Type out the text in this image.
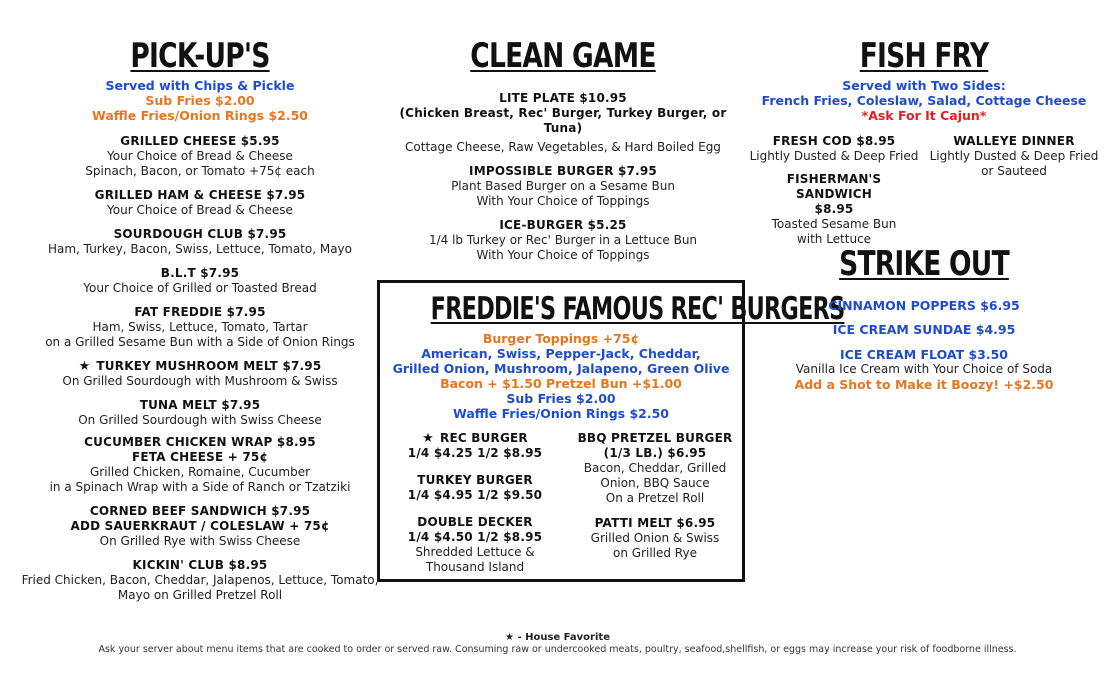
PICK-UP'S
Served with Chips & Pickle
Sub Fries $2.00
Waffle Fries/Onion Rings $2.50
GRILLED CHEESE $5.95
Your Choice of Bread & Cheese
Spinach, Bacon, or Tomato +75¢ each
GRILLED HAM & CHEESE $7.95
Your Choice of Bread & Cheese
SOURDOUGH CLUB $7.95
Ham, Turkey, Bacon, Swiss, Lettuce, Tomato, Mayo
B.L.T $7.95
Your Choice of Grilled or Toasted Bread
FAT FREDDIE $7.95
Ham, Swiss, Lettuce, Tomato, Tartar
on a Grilled Sesame Bun with a Side of Onion Rings
★ TURKEY MUSHROOM MELT $7.95
On Grilled Sourdough with Mushroom & Swiss
TUNA MELT $7.95
On Grilled Sourdough with Swiss Cheese
CUCUMBER CHICKEN WRAP $8.95
FETA CHEESE + 75¢
Grilled Chicken, Romaine, Cucumber
in a Spinach Wrap with a Side of Ranch or Tzatziki
CORNED BEEF SANDWICH $7.95
ADD SAUERKRAUT / COLESLAW + 75¢
On Grilled Rye with Swiss Cheese
KICKIN' CLUB $8.95
Fried Chicken, Bacon, Cheddar, Jalapenos, Lettuce, Tomato,
Mayo on Grilled Pretzel Roll
CLEAN GAME
LITE PLATE $10.95
(Chicken Breast, Rec' Burger, Turkey Burger, or Tuna)
Cottage Cheese, Raw Vegetables, & Hard Boiled Egg
IMPOSSIBLE BURGER $7.95
Plant Based Burger on a Sesame Bun
With Your Choice of Toppings
ICE-BURGER $5.25
1/4 lb Turkey or Rec' Burger in a Lettuce Bun
With Your Choice of Toppings
FREDDIE'S FAMOUS REC' BURGERS
Burger Toppings +75¢
American, Swiss, Pepper-Jack, Cheddar,
Grilled Onion, Mushroom, Jalapeno, Green Olive
Bacon + $1.50 Pretzel Bun +$1.00
Sub Fries $2.00
Waffle Fries/Onion Rings $2.50
★ REC BURGER
1/4 $4.25 1/2 $8.95
TURKEY BURGER
1/4 $4.95 1/2 $9.50
DOUBLE DECKER
1/4 $4.50 1/2 $8.95
Shredded Lettuce &
Thousand Island
BBQ PRETZEL BURGER
(1/3 LB.) $6.95
Bacon, Cheddar, Grilled
Onion, BBQ Sauce
On a Pretzel Roll
PATTI MELT $6.95
Grilled Onion & Swiss
on Grilled Rye
FISH FRY
Served with Two Sides:
French Fries, Coleslaw, Salad, Cottage Cheese
*Ask For It Cajun*
FRESH COD $8.95
Lightly Dusted & Deep Fried
WALLEYE DINNER
Lightly Dusted & Deep Fried
or Sauteed
FISHERMAN'S SANDWICH
$8.95
Toasted Sesame Bun
with Lettuce
STRIKE OUT
CINNAMON POPPERS $6.95
ICE CREAM SUNDAE $4.95
ICE CREAM FLOAT $3.50
Vanilla Ice Cream with Your Choice of Soda
Add a Shot to Make it Boozy! +$2.50
★ - House Favorite
Ask your server about menu items that are cooked to order or served raw. Consuming raw or undercooked meats, poultry, seafood,shellfish, or eggs may increase your risk of foodborne illness.
